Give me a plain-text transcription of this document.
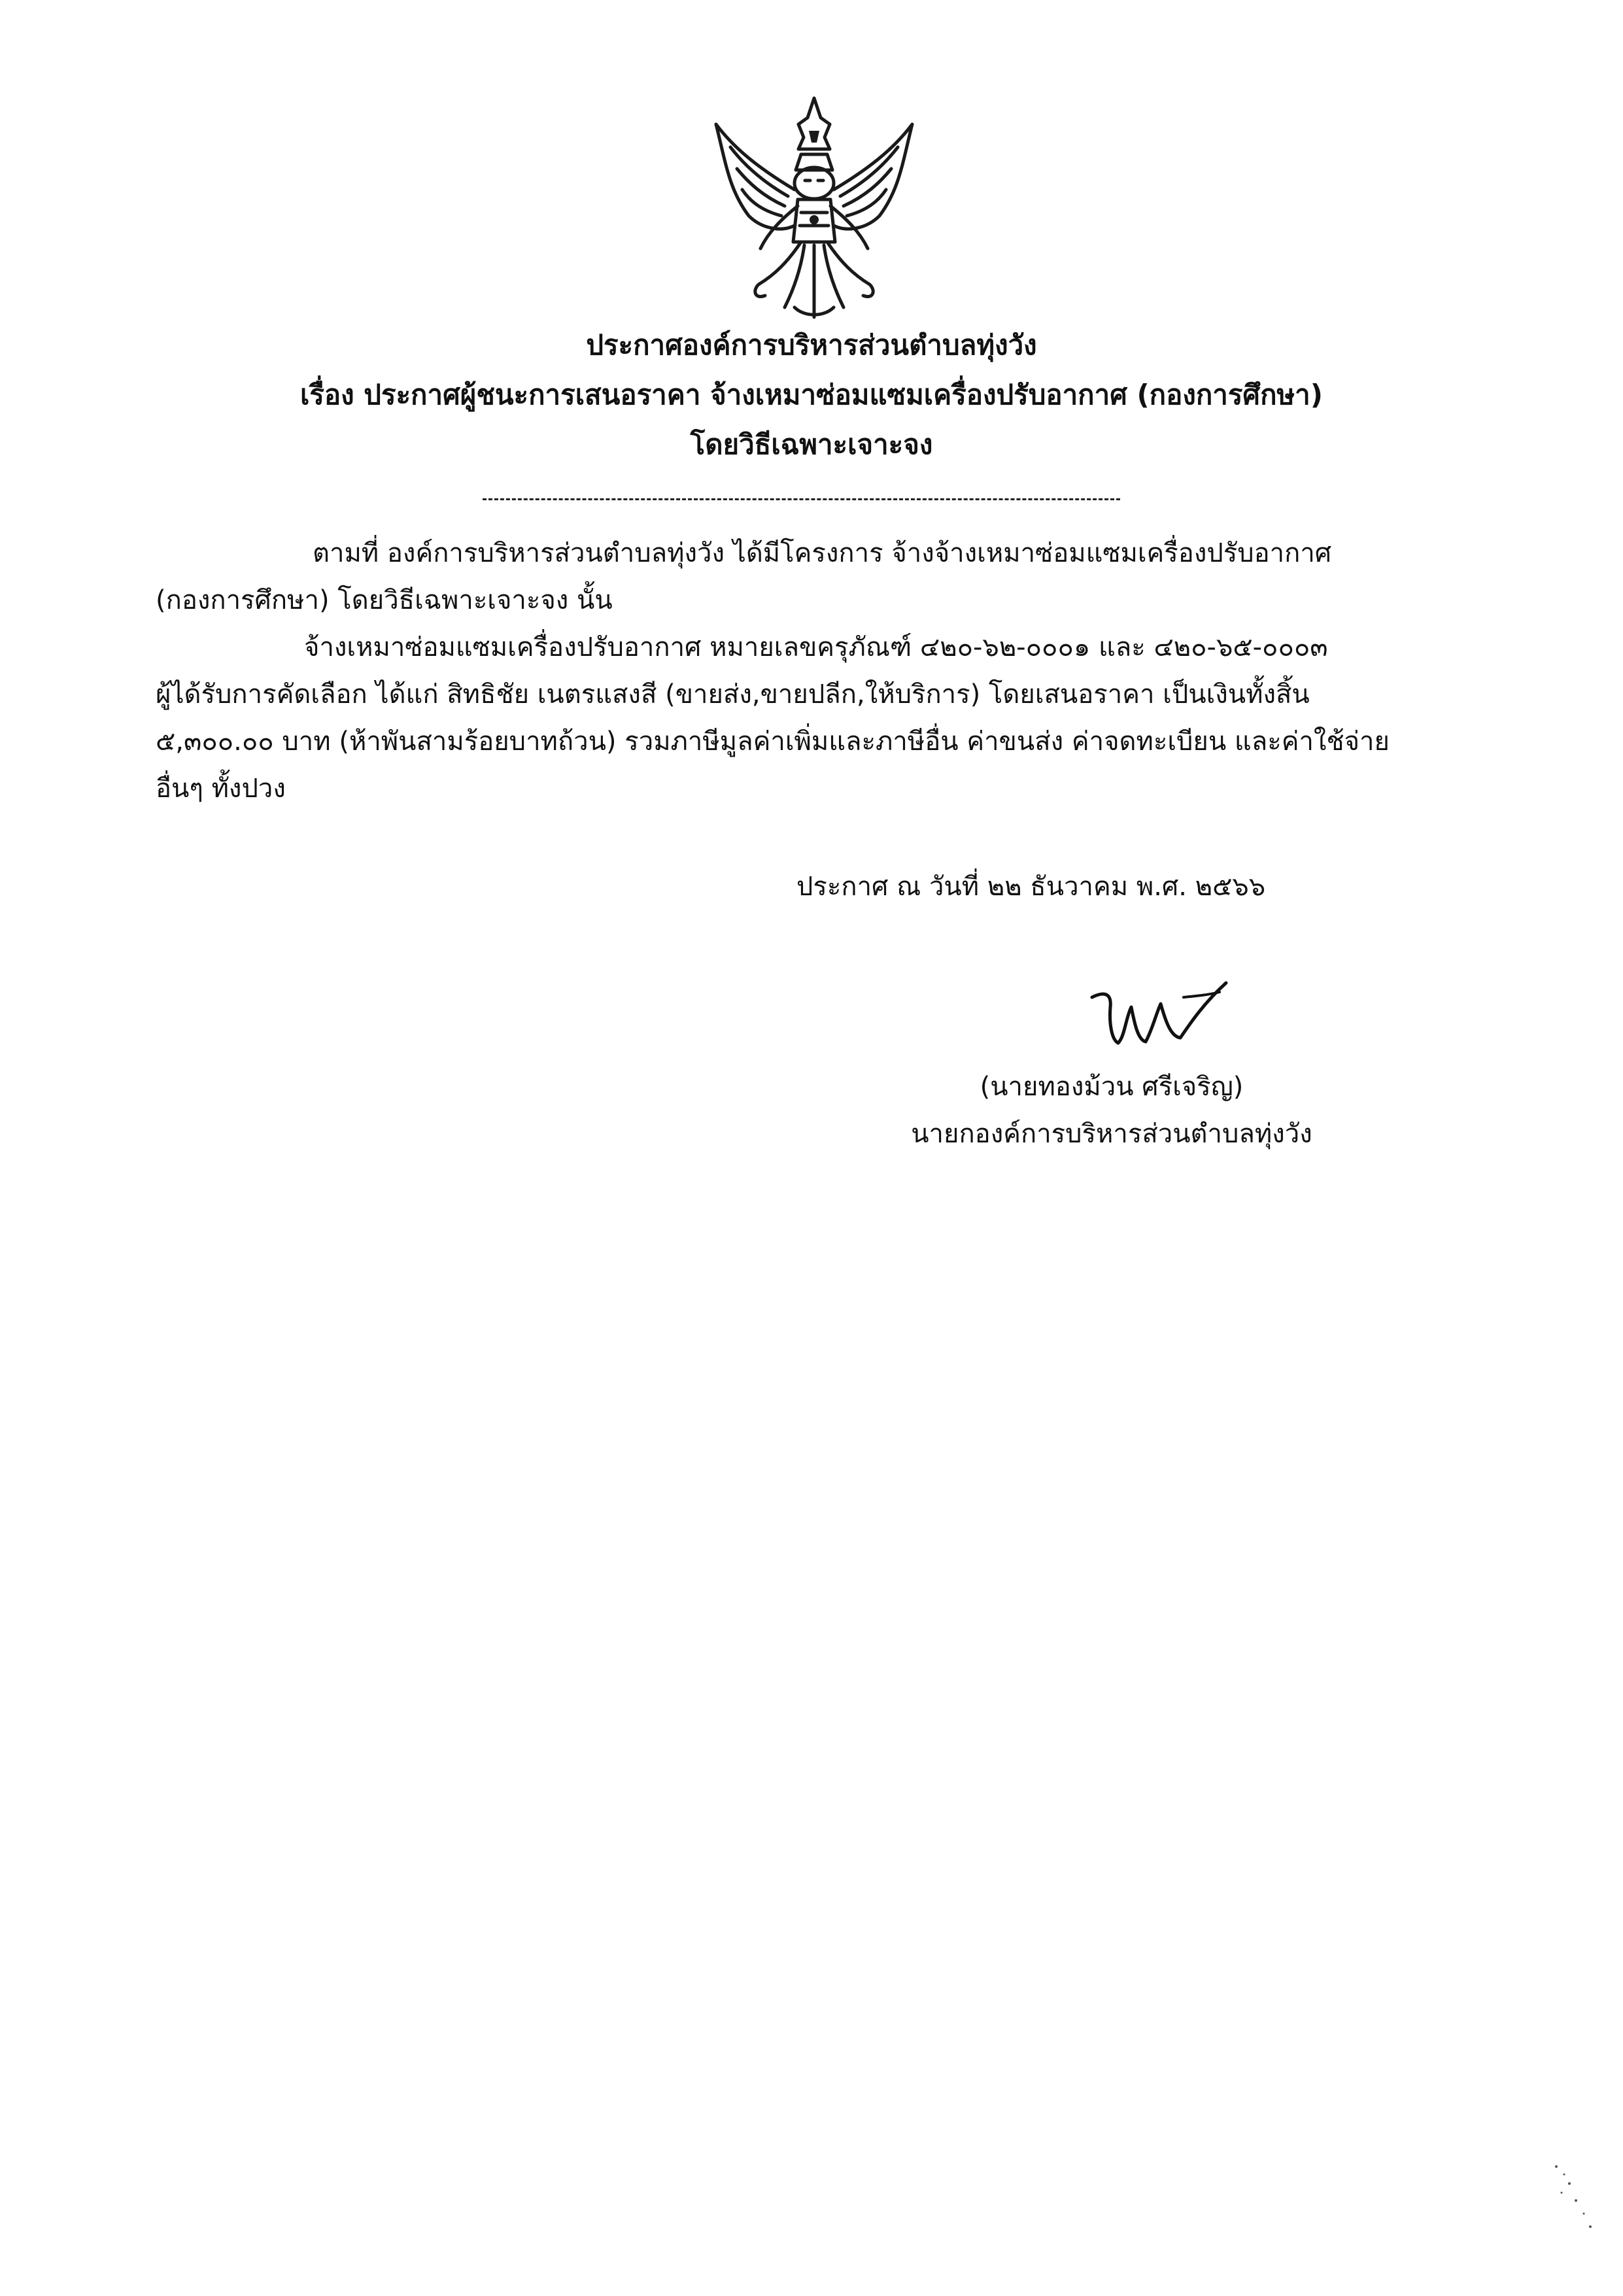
ประกาศองค์การบริหารส่วนตำบลทุ่งวัง
เรื่อง ประกาศผู้ชนะการเสนอราคา จ้างเหมาซ่อมแซมเครื่องปรับอากาศ (กองการศึกษา)
โดยวิธีเฉพาะเจาะจง
ตามที่ องค์การบริหารส่วนตำบลทุ่งวัง ได้มีโครงการ จ้างจ้างเหมาซ่อมแซมเครื่องปรับอากาศ
(กองการศึกษา) โดยวิธีเฉพาะเจาะจง นั้น
จ้างเหมาซ่อมแซมเครื่องปรับอากาศ หมายเลขครุภัณฑ์ ๔๒๐-๖๒-๐๐๐๑ และ ๔๒๐-๖๕-๐๐๐๓
ผู้ได้รับการคัดเลือก ได้แก่ สิทธิชัย เนตรแสงสี (ขายส่ง,ขายปลีก,ให้บริการ) โดยเสนอราคา เป็นเงินทั้งสิ้น
๕,๓๐๐.๐๐ บาท (ห้าพันสามร้อยบาทถ้วน) รวมภาษีมูลค่าเพิ่มและภาษีอื่น ค่าขนส่ง ค่าจดทะเบียน และค่าใช้จ่าย
อื่นๆ ทั้งปวง
ประกาศ ณ วันที่ ๒๒ ธันวาคม พ.ศ. ๒๕๖๖
(นายทองม้วน ศรีเจริญ)
นายกองค์การบริหารส่วนตำบลทุ่งวัง
